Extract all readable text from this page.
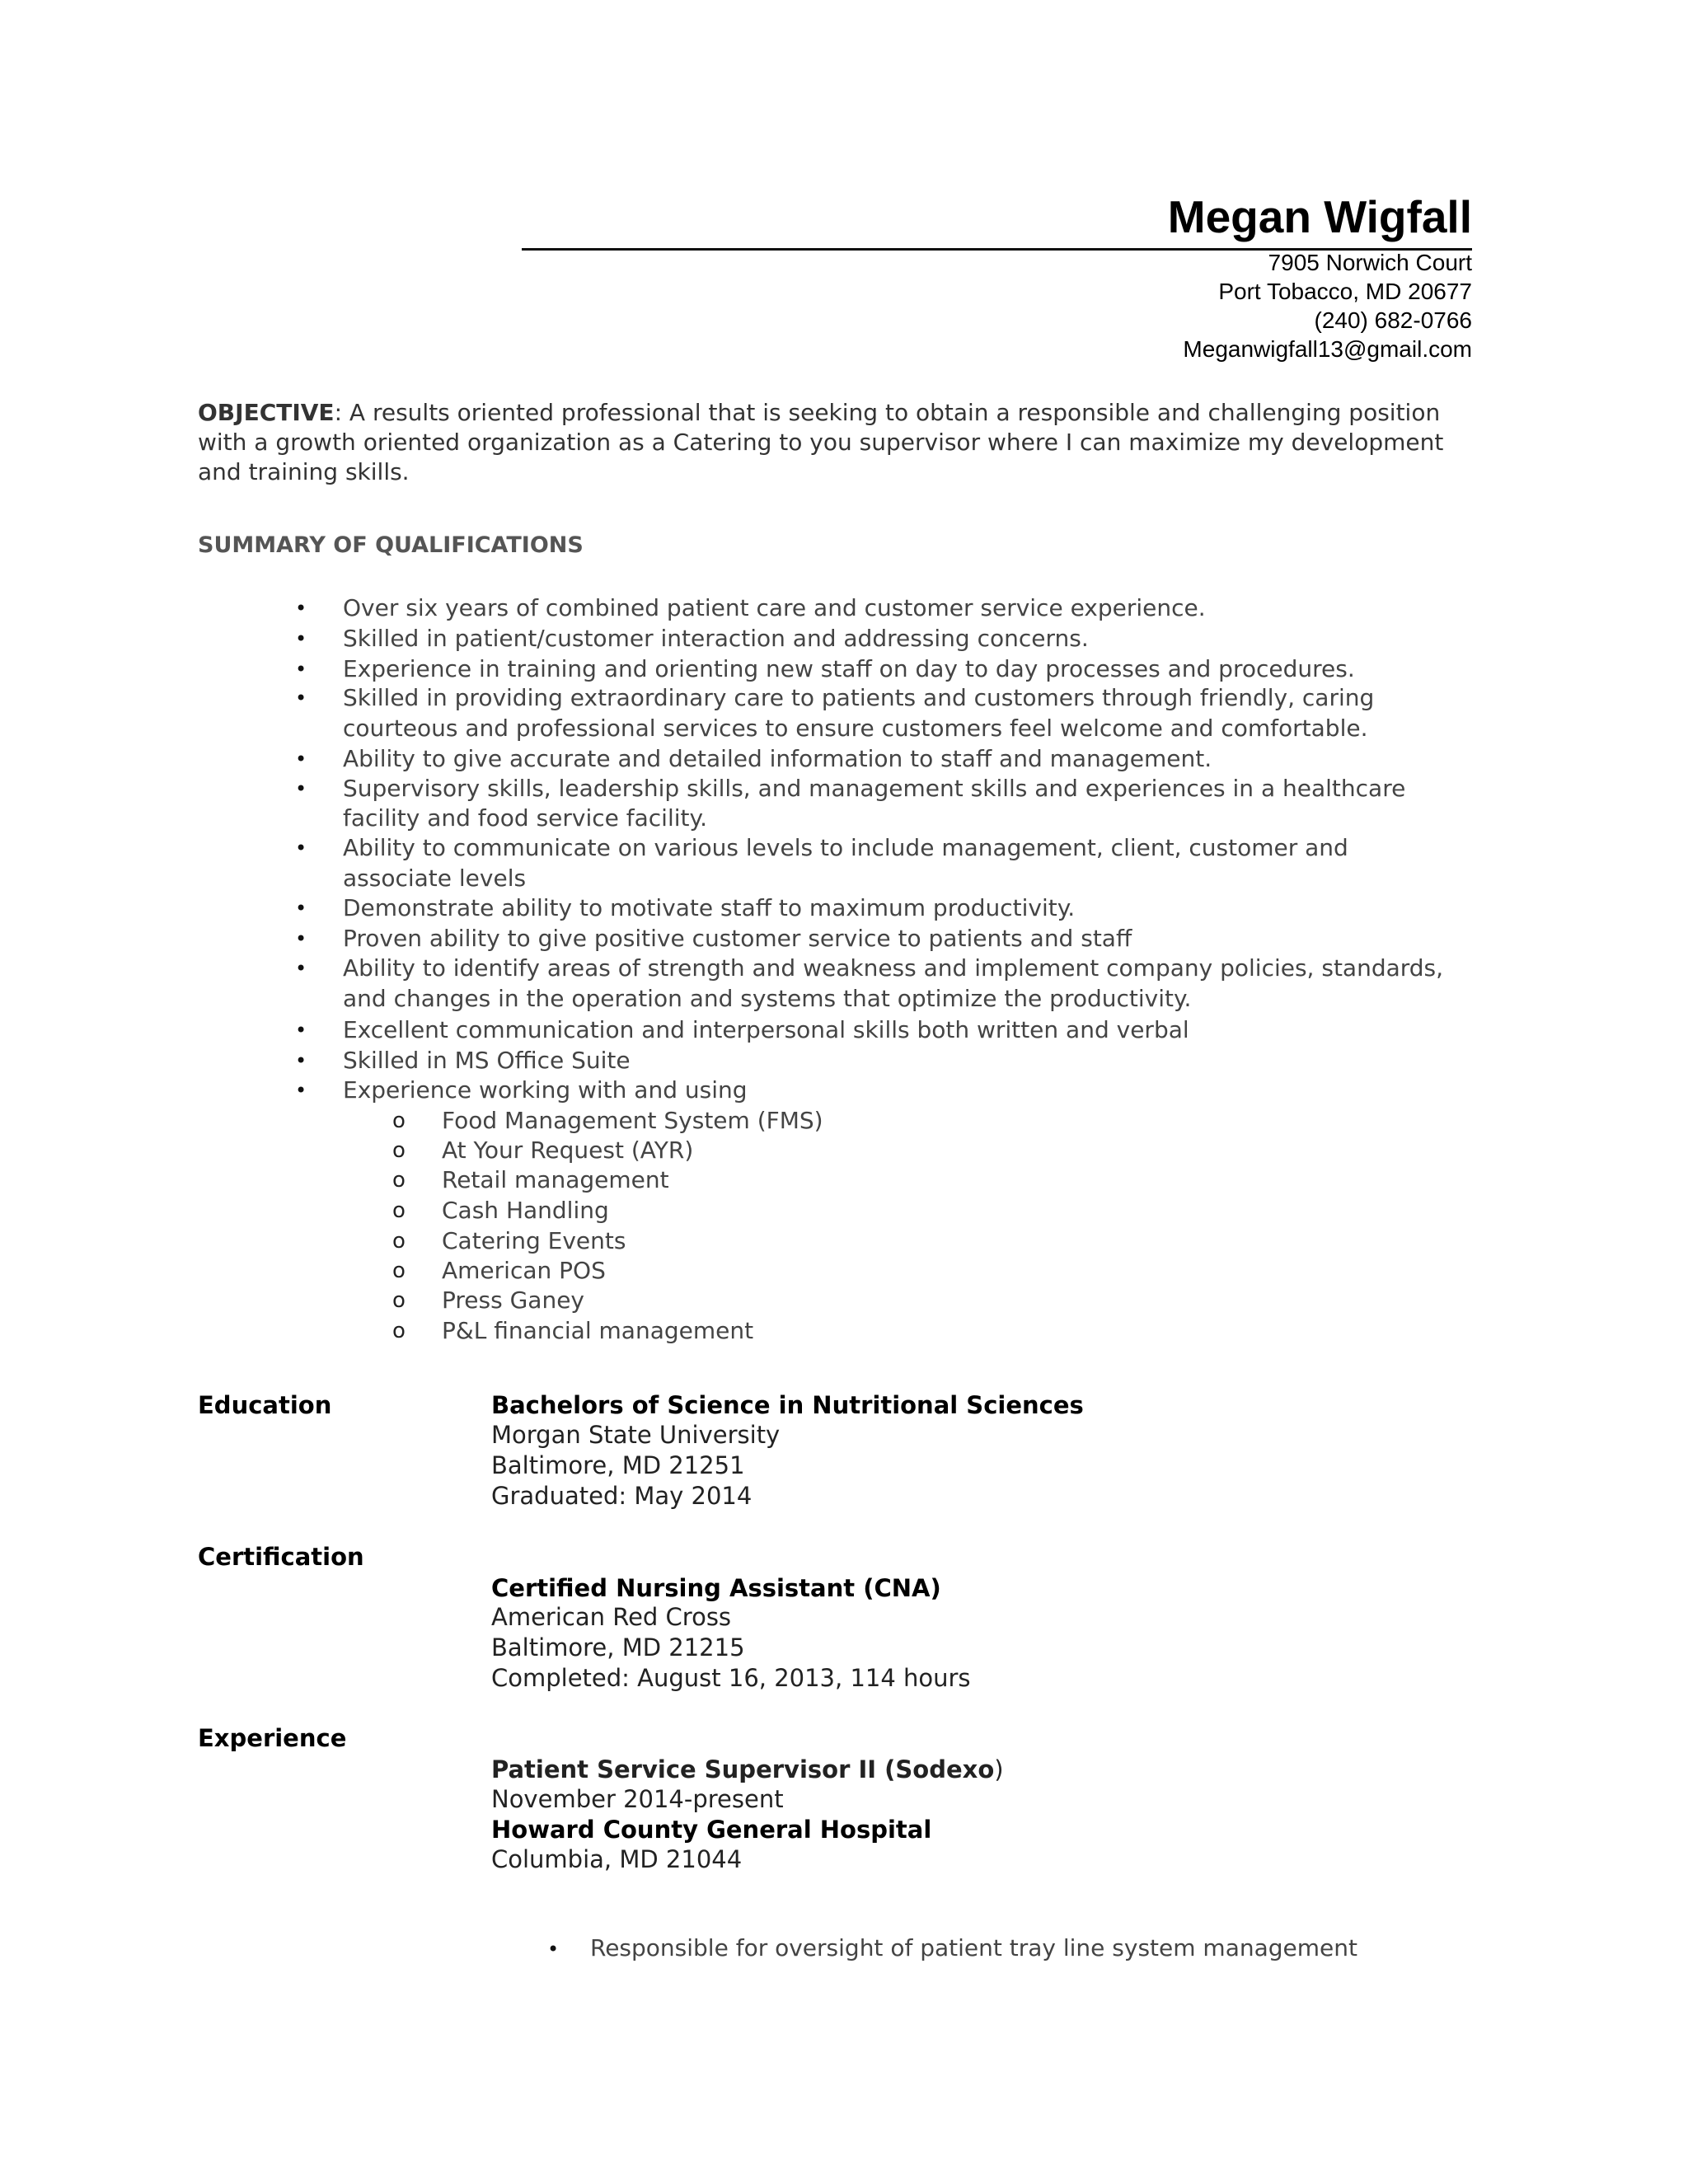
Megan Wigfall
7905 Norwich Court
Port Tobacco, MD 20677
(240) 682-0766
Meganwigfall13@gmail.com
OBJECTIVE: A results oriented professional that is seeking to obtain a responsible and challenging position
with a growth oriented organization as a Catering to you supervisor where I can maximize my development
and training skills.
SUMMARY OF QUALIFICATIONS
Over six years of combined patient care and customer service experience.
Skilled in patient/customer interaction and addressing concerns.
Experience in training and orienting new staff on day to day processes and procedures.
Skilled in providing extraordinary care to patients and customers through friendly, caring
courteous and professional services to ensure customers feel welcome and comfortable.
Ability to give accurate and detailed information to staff and management.
Supervisory skills, leadership skills, and management skills and experiences in a healthcare
facility and food service facility.
Ability to communicate on various levels to include management, client, customer and
associate levels
Demonstrate ability to motivate staff to maximum productivity.
Proven ability to give positive customer service to patients and staff
Ability to identify areas of strength and weakness and implement company policies, standards,
and changes in the operation and systems that optimize the productivity.
Excellent communication and interpersonal skills both written and verbal
Skilled in MS Office Suite
Experience working with and using
•
•
•
•
•
•
•
•
•
•
•
•
•
o
o
o
o
o
o
o
o
Food Management System (FMS)
At Your Request (AYR)
Retail management
Cash Handling
Catering Events
American POS
Press Ganey
P&L financial management
Education	Bachelors of Science in Nutritional Sciences
Morgan State University
Baltimore, MD 21251
Graduated: May 2014
Certification
Certified Nursing Assistant (CNA)
American Red Cross
Baltimore, MD 21215
Completed: August 16, 2013, 114 hours
Experience
Patient Service Supervisor II (Sodexo)
November 2014-present
Howard County General Hospital
Columbia, MD 21044
• Responsible for oversight of patient tray line system management
